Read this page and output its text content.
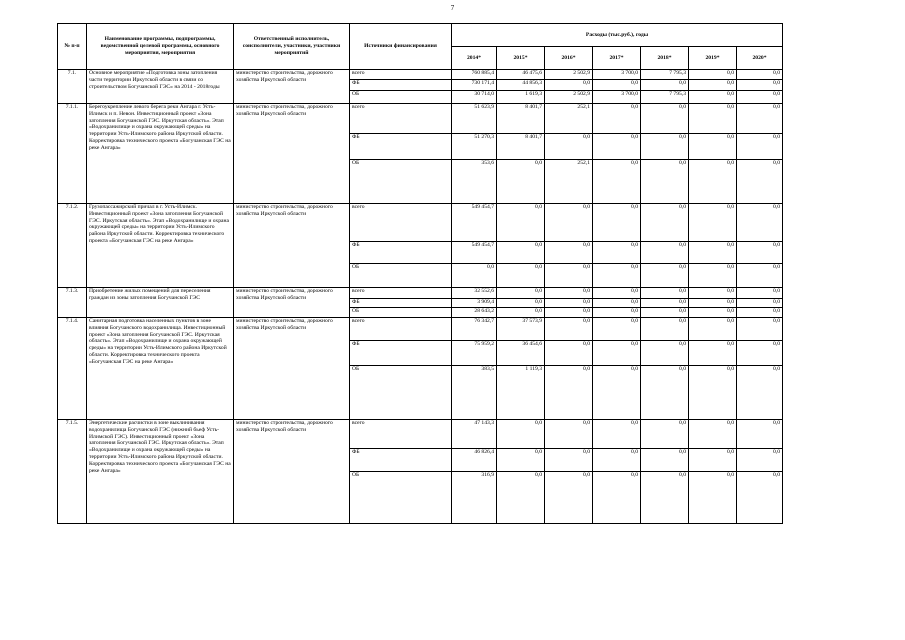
7
№ п-п	Наименование программы, подпрограммы, ведомственной целевой программы, основного мероприятия, мероприятия	Ответственный исполнитель, соисполнители, участники, участники мероприятий	Источники финансирования	Расходы (тыс.руб.), годы						
				2014*	2015*	2016*	2017*	2018*	2019*	2020*
7.1.	Основное мероприятие «Подготовка зоны затопления части территории Иркутской области в связи со строительством Богучанской ГЭС» на 2014 - 2018годы	министерство строительства, дорожного хозяйства Иркутской области	всего	760 885,4	46 475,6	2 502,9	3 700,0	7 795,3	0,0	0,0
			ФБ	730 171,4	44 856,3	0,0	0,0	0,0	0,0	0,0
			ОБ	30 714,0	1 619,3	2 502,9	3 700,0	7 795,3	0,0	0,0
7.1.1.	Берегоукрепление левого берега реки Ангара г. Усть-Илимск и п. Невон. Инвестиционный проект «Зона затопления Богучанской ГЭС. Иркутская область». Этап «Водохранилище и охрана окружающей среды» на территории Усть-Илимского района Иркутской области. Корректировка технического проекта «Богучанская ГЭС на реке Ангара»	министерство строительства, дорожного хозяйства Иркутской области	всего	51 623,9	8 401,7	252,1	0,0	0,0	0,0	0,0
			ФБ	51 270,3	8 401,7	0,0	0,0	0,0	0,0	0,0
			ОБ	353,6	0,0	252,1	0,0	0,0	0,0	0,0
7.1.2.	Грузопассажирский причал в г. Усть-Илимск. Инвестиционный проект «Зона затопления Богучанской ГЭС. Иркутская область». Этап «Водохранилище и охрана окружающей среды» на территории Усть-Илимского района Иркутской области. Корректировка технического проекта «Богучанская ГЭС на реке Ангара»	министерство строительства, дорожного хозяйства Иркутской области	всего	549 454,7	0,0	0,0	0,0	0,0	0,0	0,0
			ФБ	549 454,7	0,0	0,0	0,0	0,0	0,0	0,0
			ОБ	0,0	0,0	0,0	0,0	0,0	0,0	0,0
7.1.3.	Приобретение жилых помещений для переселения граждан из зоны затопления Богучанской ГЭС	министерство строительства, дорожного хозяйства Иркутской области	всего	32 552,6	0,0	0,0	0,0	0,0	0,0	0,0
			ФБ	3 909,4	0,0	0,0	0,0	0,0	0,0	0,0
			ОБ	28 643,2	0,0	0,0	0,0	0,0	0,0	0,0
7.1.4.	Санитарная подготовка населенных пунктов в зоне влияния Богучанского водохранилища. Инвестиционный проект «Зона затопления Богучанской ГЭС. Иркутская область». Этап «Водохранилище и охрана окружающей среды» на территории Усть-Илимского района Иркутской области. Корректировка технического проекта «Богучанская ГЭС на реке Ангара»	министерство строительства, дорожного хозяйства Иркутской области	всего	76 342,7	37 573,9	0,0	0,0	0,0	0,0	0,0
			ФБ	75 959,2	36 454,6	0,0	0,0	0,0	0,0	0,0
			ОБ	383,5	1 119,3	0,0	0,0	0,0	0,0	0,0
7.1.5.	Энергетические расчистки в зоне выклинивания водохранилища Богучанской ГЭС (нижний бьеф Усть-Илимской ГЭС). Инвестиционный проект «Зона затопления Богучанской ГЭС. Иркутская область». Этап «Водохранилище и охрана окружающей среды» на территории Усть-Илимского района Иркутской области. Корректировка технического проекта «Богучанская ГЭС на реке Ангара»	министерство строительства, дорожного хозяйства Иркутской области	всего	47 143,3	0,0	0,0	0,0	0,0	0,0	0,0
			ФБ	46 826,4	0,0	0,0	0,0	0,0	0,0	0,0
			ОБ	316,9	0,0	0,0	0,0	0,0	0,0	0,0
